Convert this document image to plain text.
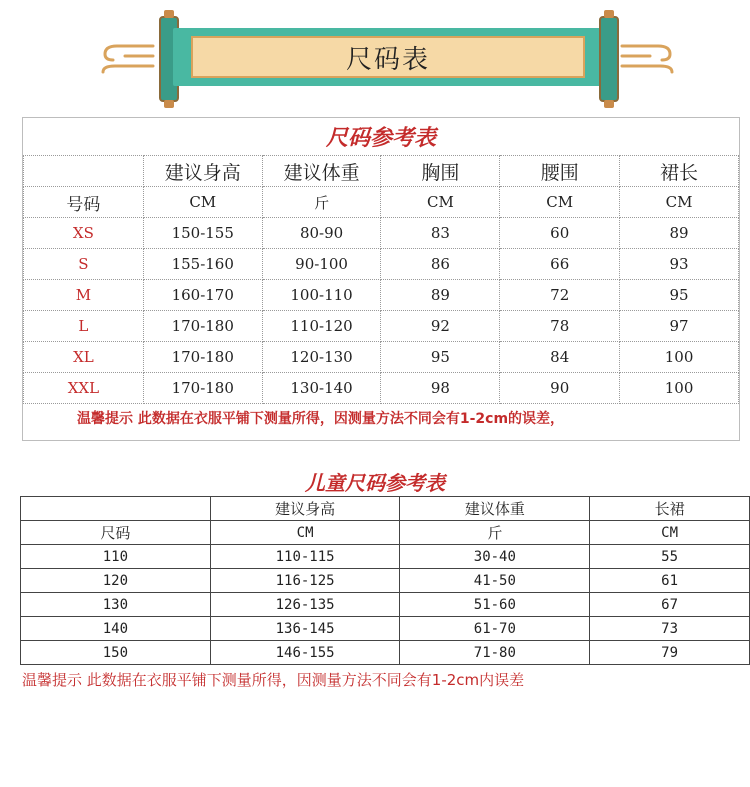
尺码表
尺码参考表
	建议身高	建议体重	胸围	腰围	裙长
号码	CM	斤	CM	CM	CM
XS	150-155	80-90	83	60	89
S	155-160	90-100	86	66	93
M	160-170	100-110	89	72	95
L	170-180	110-120	92	78	97
XL	170-180	120-130	95	84	100
XXL	170-180	130-140	98	90	100
温馨提示 此数据在衣服平铺下测量所得，因测量方法不同会有1-2cm的误差，
儿童尺码参考表
	建议身高	建议体重	长裙
尺码	CM	斤	CM
110	110-115	30-40	55
120	116-125	41-50	61
130	126-135	51-60	67
140	136-145	61-70	73
150	146-155	71-80	79
温馨提示 此数据在衣服平铺下测量所得，因测量方法不同会有1-2cm内误差
